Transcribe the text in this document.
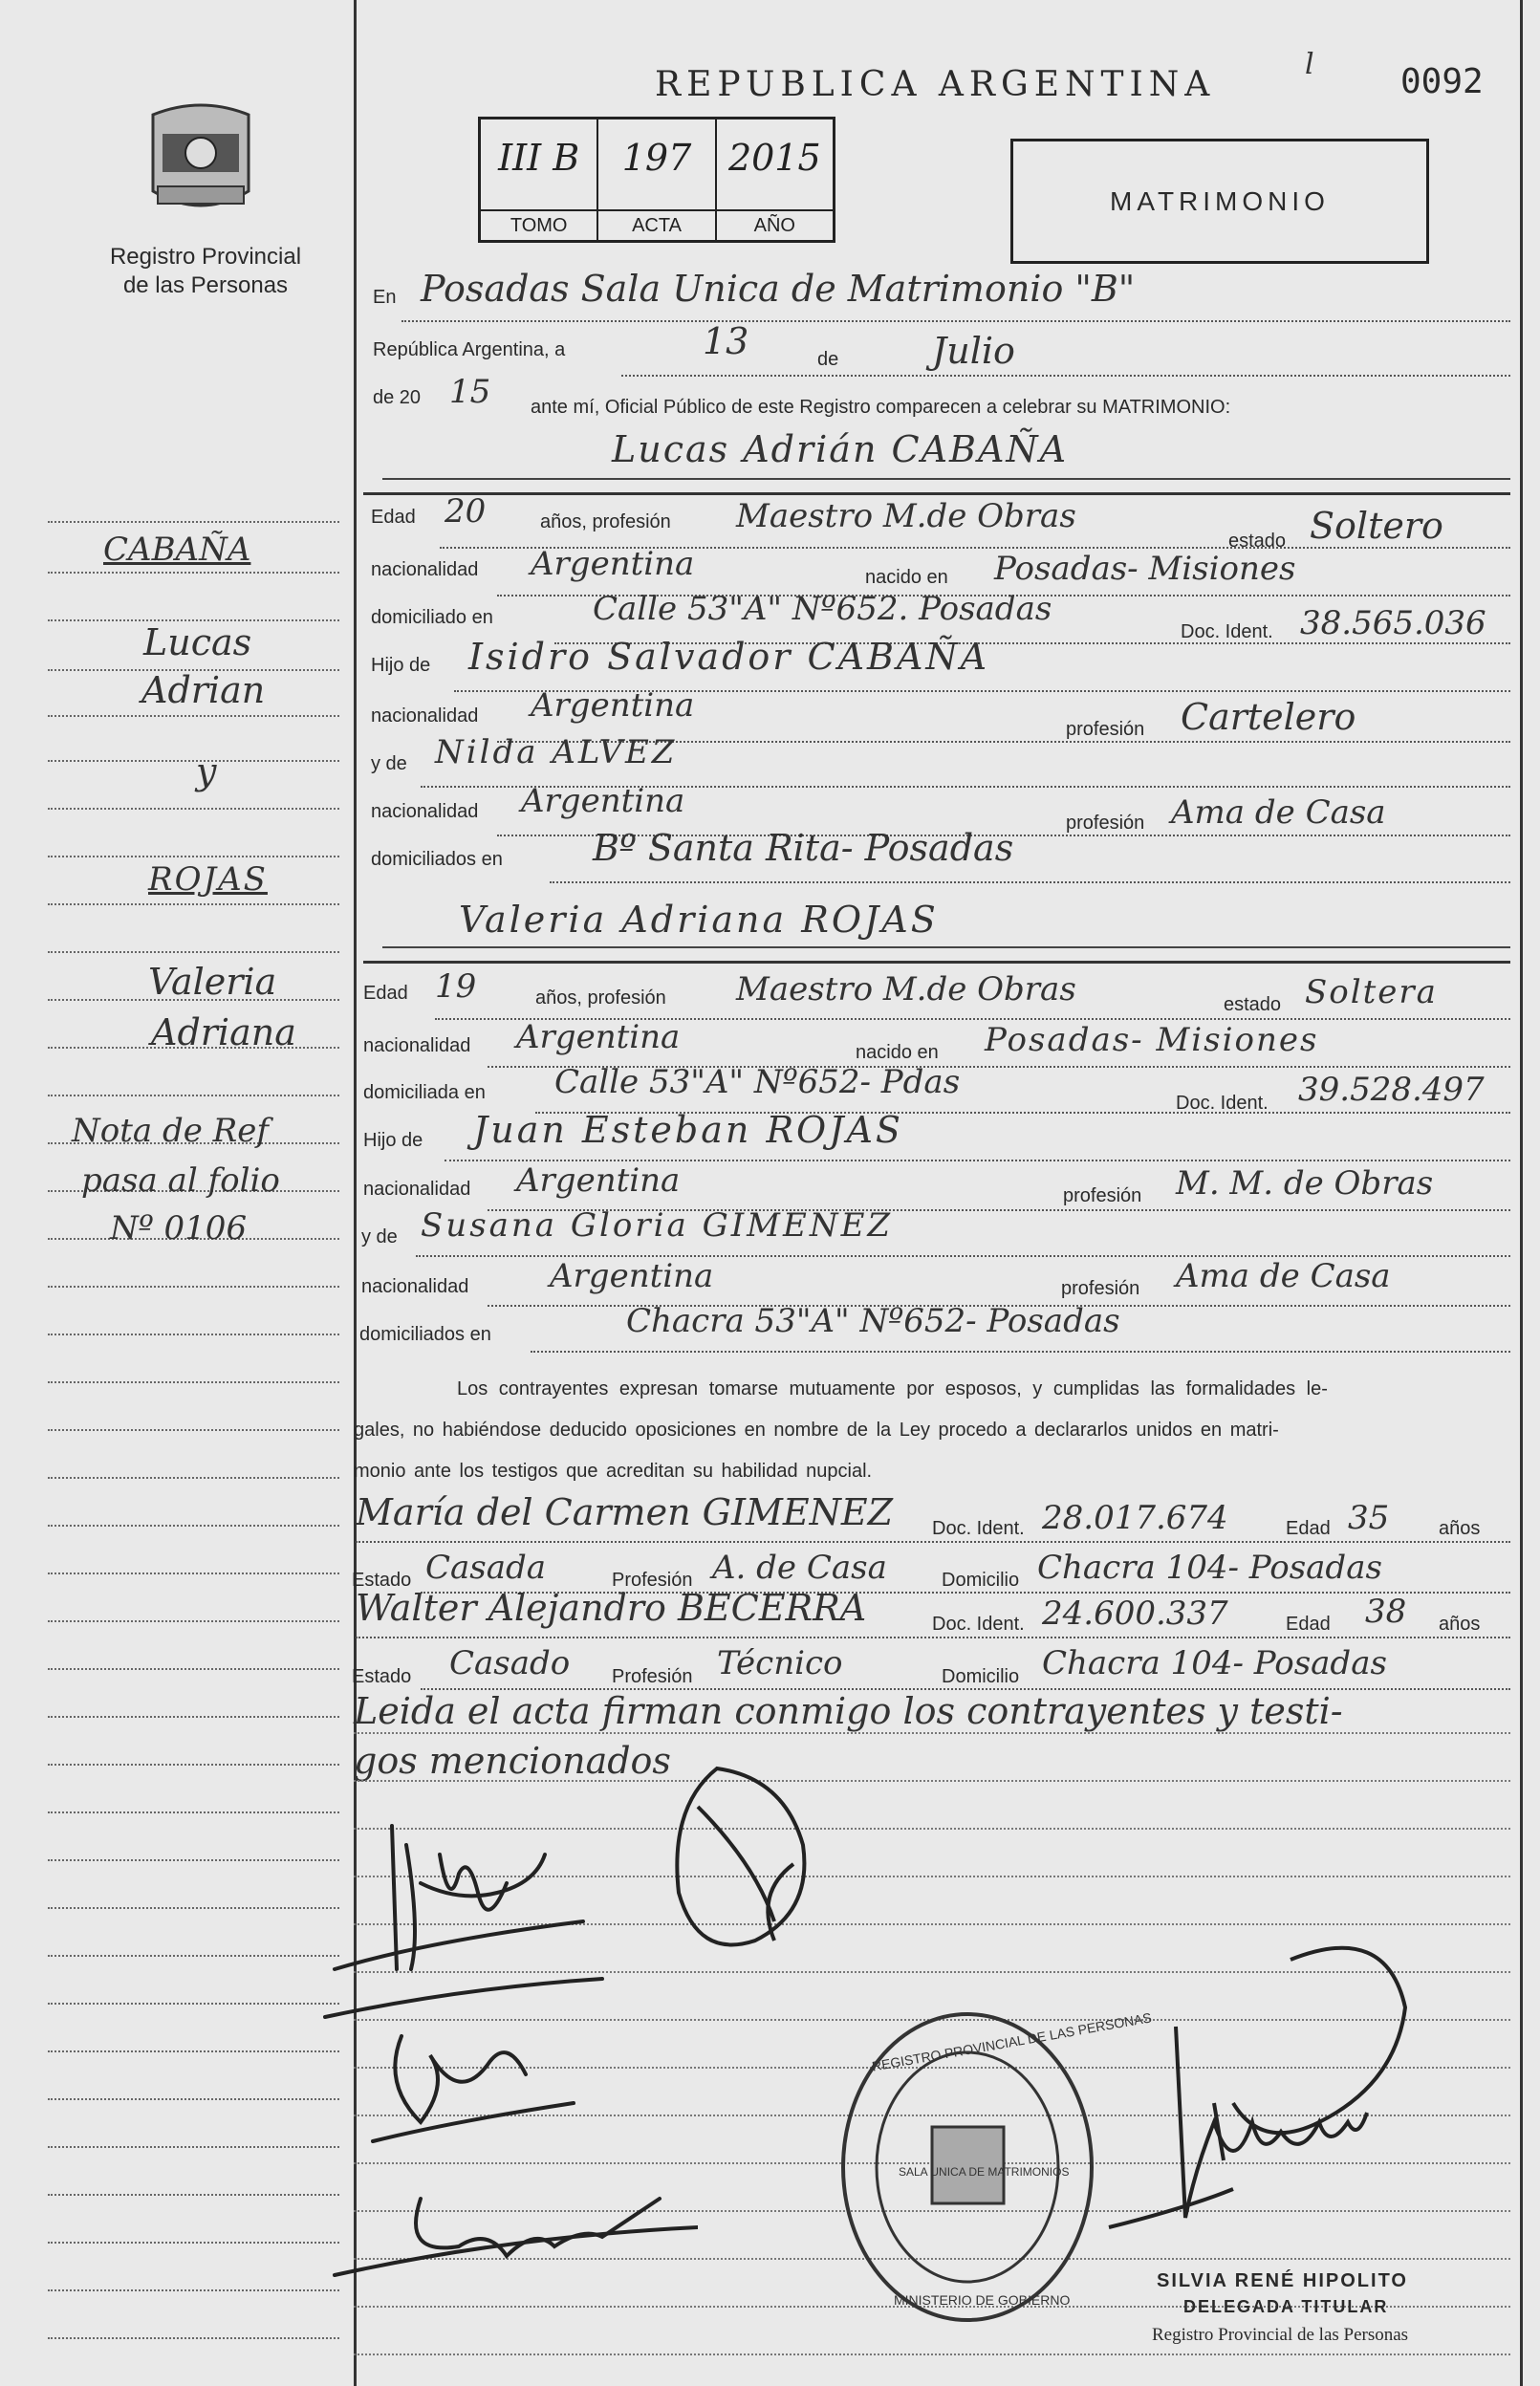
Registro Provincial
de las Personas
REPUBLICA ARGENTINA
l	0092
III B
TOMO
197
ACTA
2015
AÑO
MATRIMONIO
En Posadas Sala Unica de Matrimonio "B"
República Argentina, a	13	de	Julio
de 20 15 ante mí, Oficial Público de este Registro comparecen a celebrar su MATRIMONIO:
Lucas Adrián CABAÑA
Edad 20	años, profesión Maestro M.de Obras
estado Soltero
nacionalidad Argentina	nacido en Posadas- Misiones
domiciliado en	Calle 53"A" Nº652. Posadas
Doc. Ident. 38.565.036
Hijo de Isidro Salvador CABAÑA
nacionalidad Argentina
profesión Cartelero
y de Nilda ALVEZ
nacionalidad Argentina
profesión Ama de Casa
domiciliados en Bº Santa Rita- Posadas
Valeria Adriana ROJAS
Edad 19	años, profesión Maestro M.de Obras	estado Soltera
nacionalidad Argentina	nacido en Posadas- Misiones
domiciliada en Calle 53"A" Nº652- Pdas
Doc. Ident. 39.528.497
Hijo de Juan Esteban ROJAS
nacionalidad Argentina	profesión M. M. de Obras
y de Susana Gloria GIMENEZ
nacionalidad Argentina	profesión Ama de Casa
domiciliados en	Chacra 53"A" Nº652- Posadas
Los contrayentes expresan tomarse mutuamente por esposos, y cumplidas las formalidades le-
gales, no habiéndose deducido oposiciones en nombre de la Ley procedo a declararlos unidos en matri-
monio ante los testigos que acreditan su habilidad nupcial.
María del Carmen GIMENEZ Doc. Ident. 28.017.674	Edad 35	años
Estado Casada	Profesión A. de Casa	Domicilio Chacra 104- Posadas
Walter Alejandro BECERRA	Doc. Ident. 24.600.337	Edad 38 años
Estado Casado Profesión Técnico	Domicilio Chacra 104- Posadas
Leida el acta firman conmigo los contrayentes y testi-
gos mencionados
CABAÑA
Lucas
Adrian
y
ROJAS
Valeria
Adriana
Nota de Ref
pasa al folio
Nº 0106
REGISTRO PROVINCIAL DE LAS PERSONAS
SALA UNICA DE MATRIMONIOS
MINISTERIO DE GOBIERNO
SILVIA RENÉ HIPOLITO
DELEGADA TITULAR
Registro Provincial de las Personas
